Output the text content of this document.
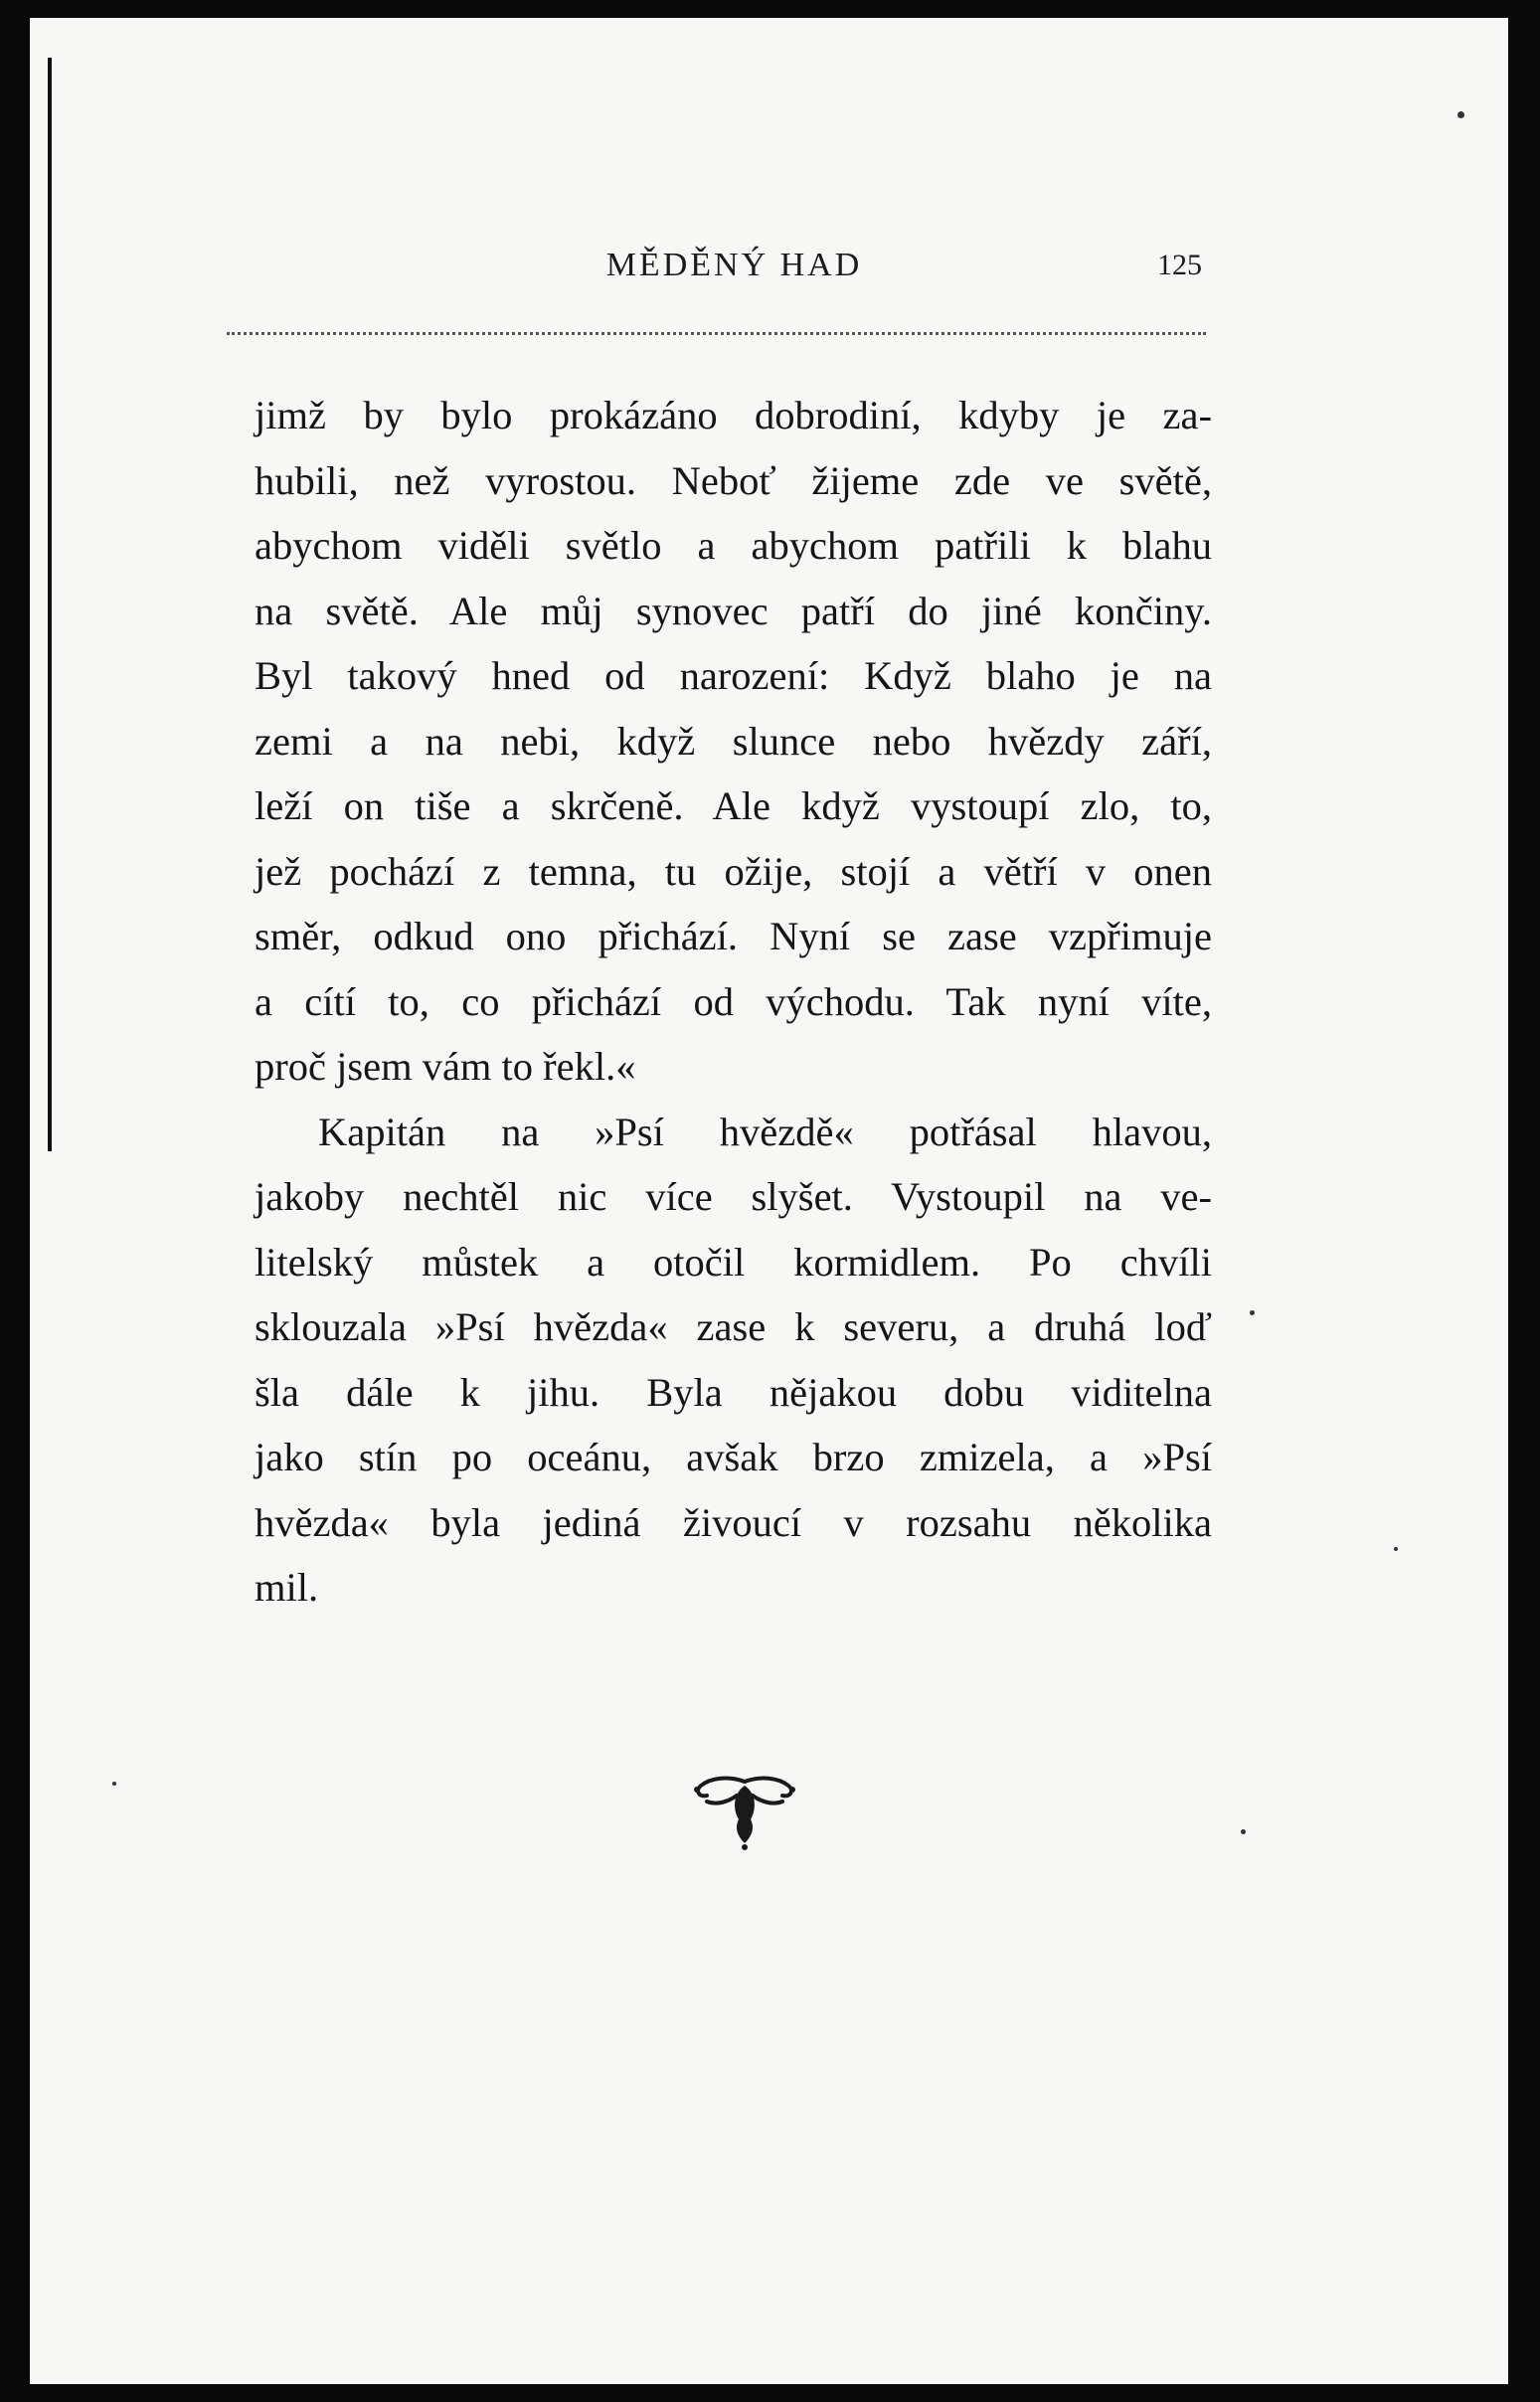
MĚDĚNÝ HAD	125

jimž by bylo prokázáno dobrodiní, kdyby je za-
hubili, než vyrostou. Neboť žijeme zde ve světě,
abychom viděli světlo a abychom patřili k blahu
na světě. Ale můj synovec patří do jiné končiny.
Byl takový hned od narození: Když blaho je na
zemi a na nebi, když slunce nebo hvězdy září,
leží on tiše a skrčeně. Ale když vystoupí zlo, to,
jež pochází z temna, tu ožije, stojí a větří v onen
směr, odkud ono přichází. Nyní se zase vzpřimuje
a cítí to, co přichází od východu. Tak nyní víte,
proč jsem vám to řekl.«

Kapitán na »Psí hvězdě« potřásal hlavou,
jakoby nechtěl nic více slyšet. Vystoupil na ve-
litelský můstek a otočil kormidlem. Po chvíli
sklouzala »Psí hvězda« zase k severu, a druhá loď
šla dále k jihu. Byla nějakou dobu viditelna
jako stín po oceánu, avšak brzo zmizela, a »Psí
hvězda« byla jediná živoucí v rozsahu několika
mil.
